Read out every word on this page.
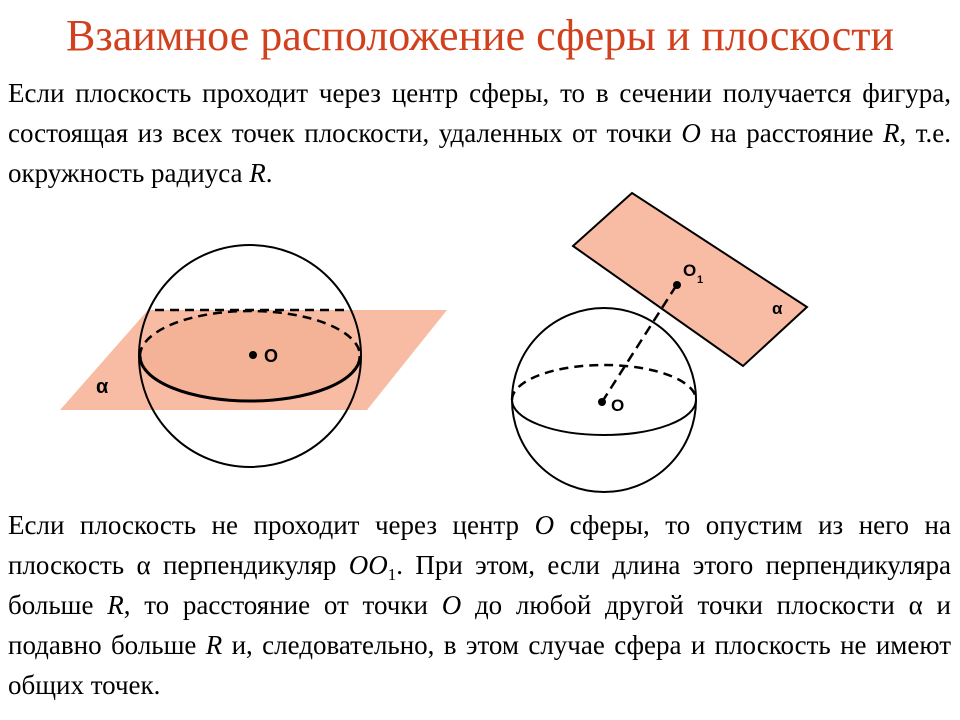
Взаимное расположение сферы и плоскости

Если плоскость проходит через центр сферы, то в сечении получается фигура, состоящая из всех точек плоскости, удаленных от точки O на расстояние R, т.е. окружность радиуса R.

O
α
O
O 1
α

Если плоскость не проходит через центр O сферы, то опустим из него на плоскость α перпендикуляр $OO_1$. При этом, если длина этого перпендикуляра больше R, то расстояние от точки O до любой другой точки плоскости α и подавно больше R и, следовательно, в этом случае сфера и плоскость не имеют общих точек.
